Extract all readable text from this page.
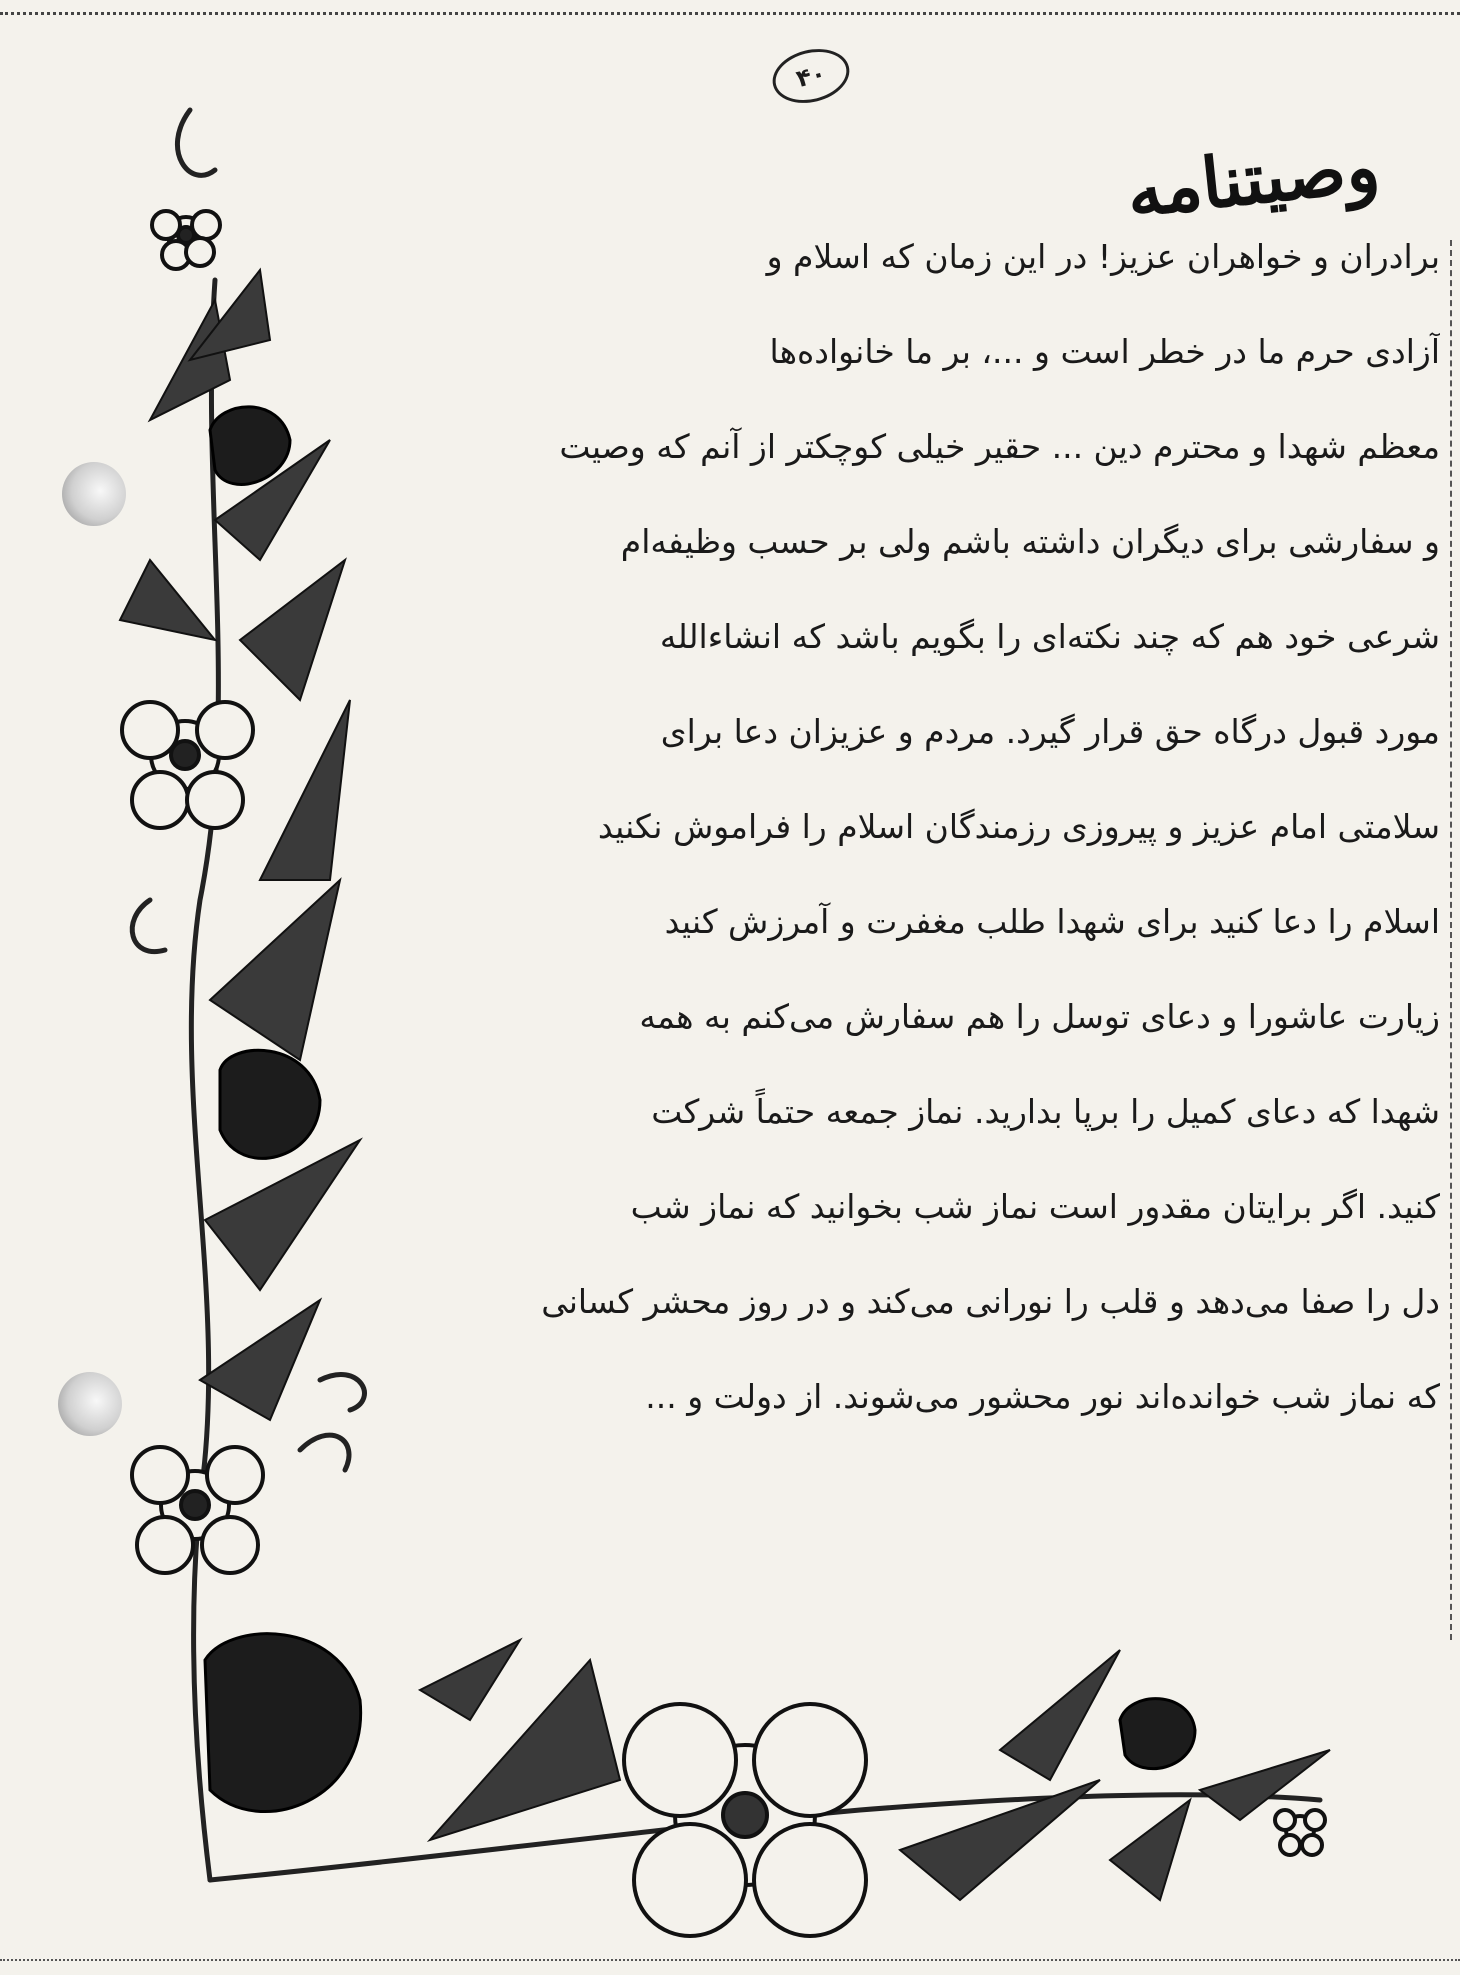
۴۰
وصیتنامه
برادران و خواهران عزیز! در این زمان که اسلام و
آزادی حرم ما در خطر است و ...، بر ما خانواده‌ها
معظم شهدا و محترم دین ... حقیر خیلی کوچکتر از آنم که وصیت
و سفارشی برای دیگران داشته باشم ولی بر حسب وظیفه‌ام
شرعی خود هم که چند نکته‌ای را بگویم باشد که انشاءالله
مورد قبول درگاه حق قرار گیرد. مردم و عزیزان دعا برای
سلامتی امام عزیز و پیروزی رزمندگان اسلام را فراموش نکنید
اسلام را دعا کنید برای شهدا طلب مغفرت و آمرزش کنید
زیارت عاشورا و دعای توسل را هم سفارش می‌کنم به همه
شهدا که دعای کمیل را برپا بدارید. نماز جمعه حتماً شرکت
کنید. اگر برایتان مقدور است نماز شب بخوانید که نماز شب
دل را صفا می‌دهد و قلب را نورانی می‌کند و در روز محشر کسانی
که نماز شب خوانده‌اند نور محشور می‌شوند. از دولت و ...
